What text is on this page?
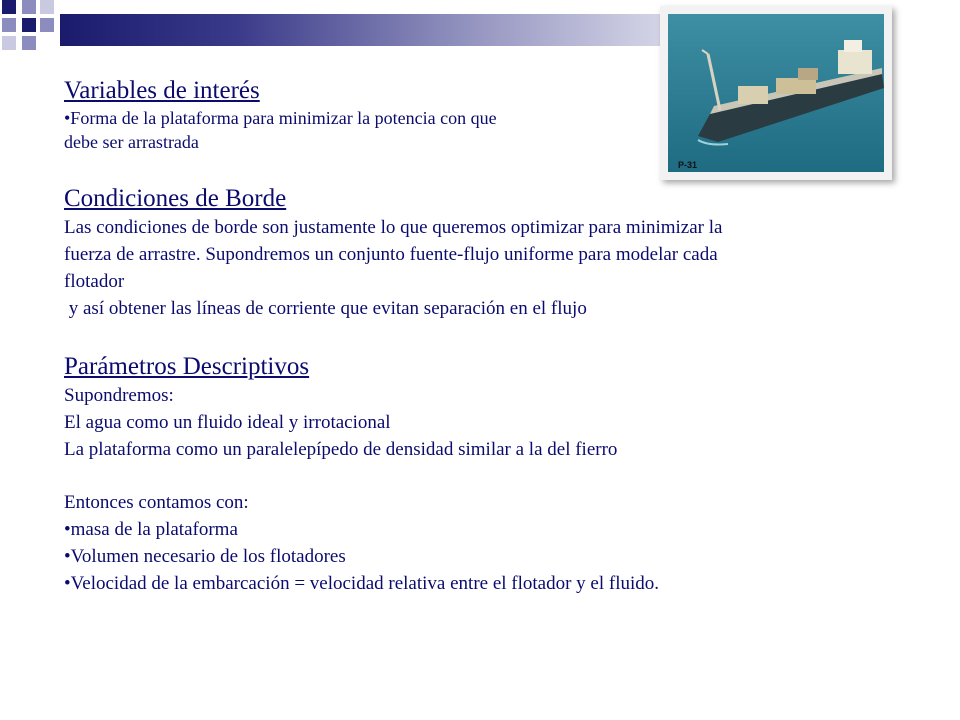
P-31
Variables de interés

•Forma de la plataforma para minimizar la potencia con que

debe ser arrastrada

Condiciones de Borde

Las condiciones de borde son justamente lo que queremos optimizar para minimizar la

fuerza de arrastre. Supondremos un conjunto fuente-flujo uniforme para modelar cada

flotador

y así obtener las líneas de corriente que evitan separación en el flujo

Parámetros Descriptivos

Supondremos:

El agua como un fluido ideal y irrotacional

La plataforma como un paralelepípedo de densidad similar a la del fierro

Entonces contamos con:

•masa de la plataforma

•Volumen necesario de los flotadores

•Velocidad de la embarcación = velocidad relativa entre el flotador y el fluido.
